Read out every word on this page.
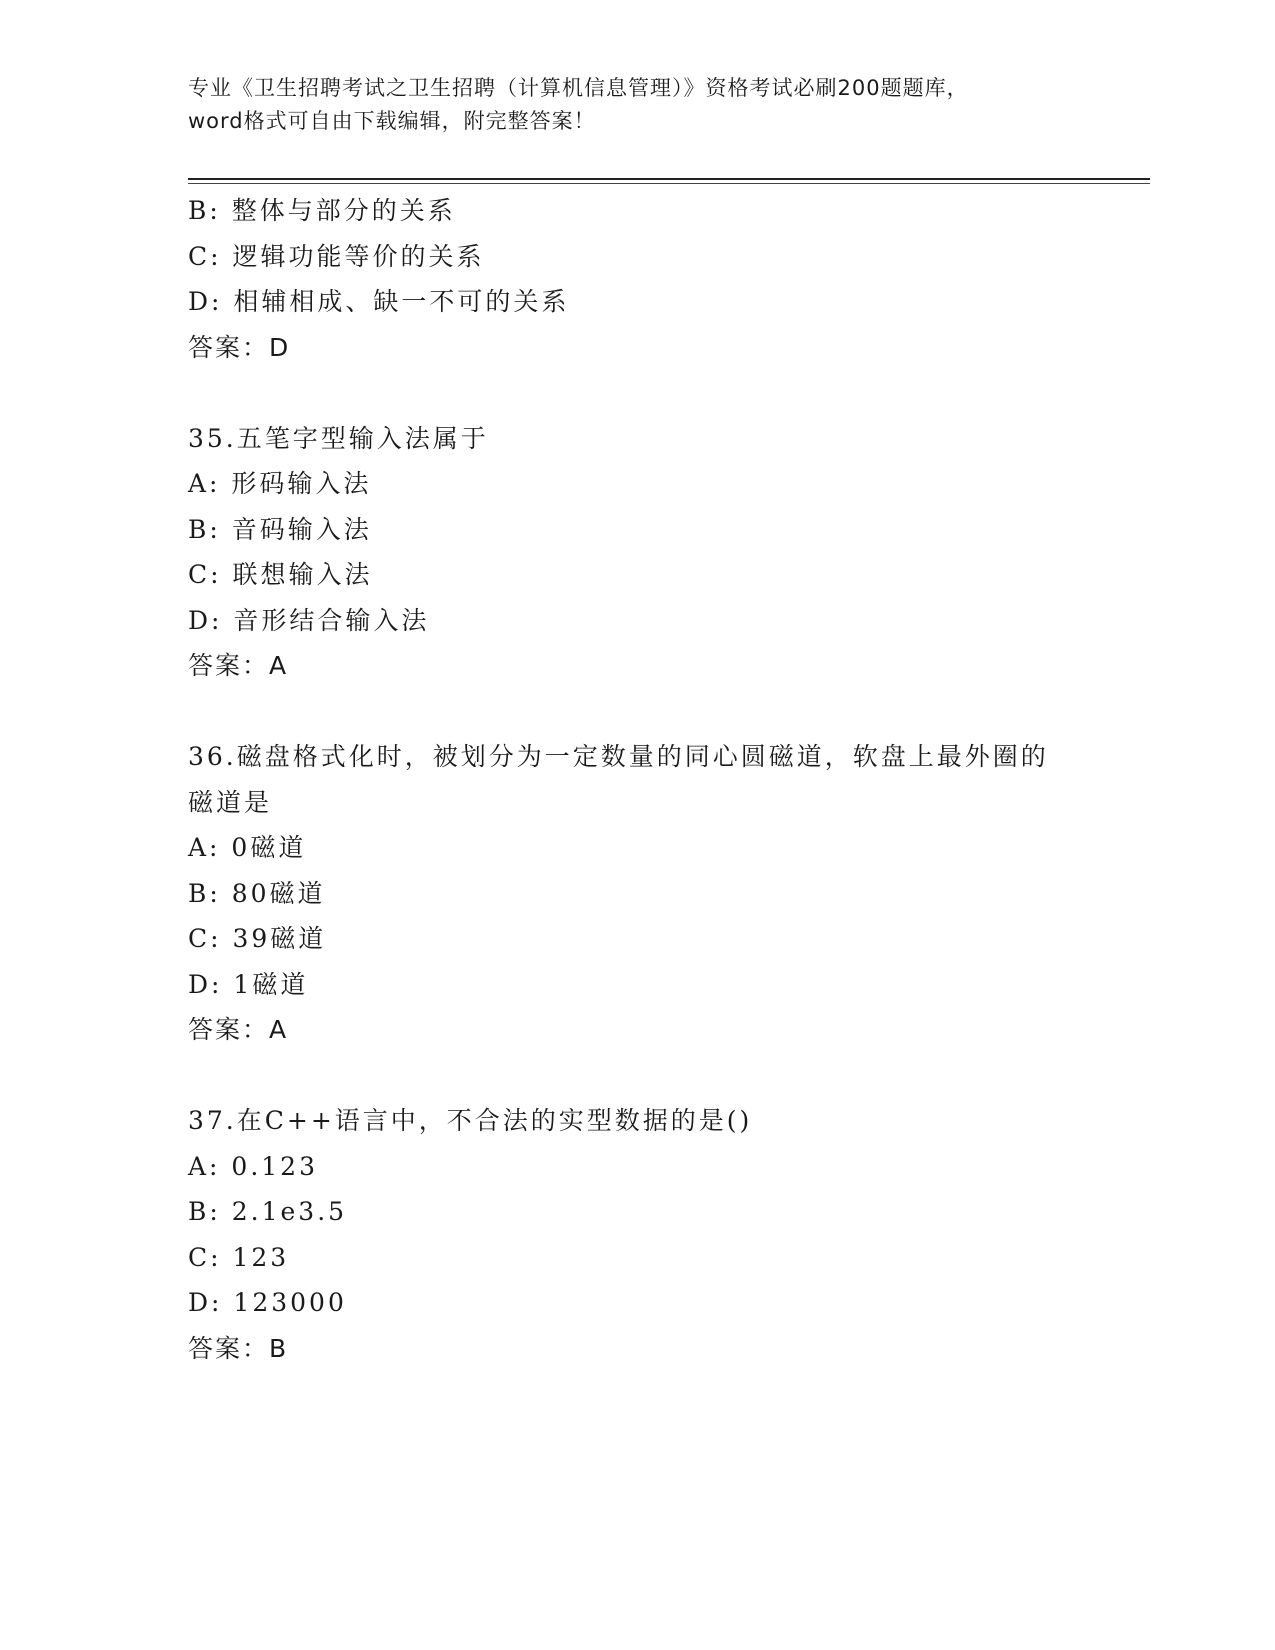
专业《卫生招聘考试之卫生招聘（计算机信息管理）》资格考试必刷200题题库，
word格式可自由下载编辑，附完整答案！
B: 整体与部分的关系
C: 逻辑功能等价的关系
D: 相辅相成、缺一不可的关系
答案：D
35.五笔字型输入法属于
A: 形码输入法
B: 音码输入法
C: 联想输入法
D: 音形结合输入法
答案：A
36.磁盘格式化时，被划分为一定数量的同心圆磁道，软盘上最外圈的
磁道是
A: 0磁道
B: 80磁道
C: 39磁道
D: 1磁道
答案：A
37.在C++语言中，不合法的实型数据的是()
A: 0.123
B: 2.1e3.5
C: 123
D: 123000
答案：B
